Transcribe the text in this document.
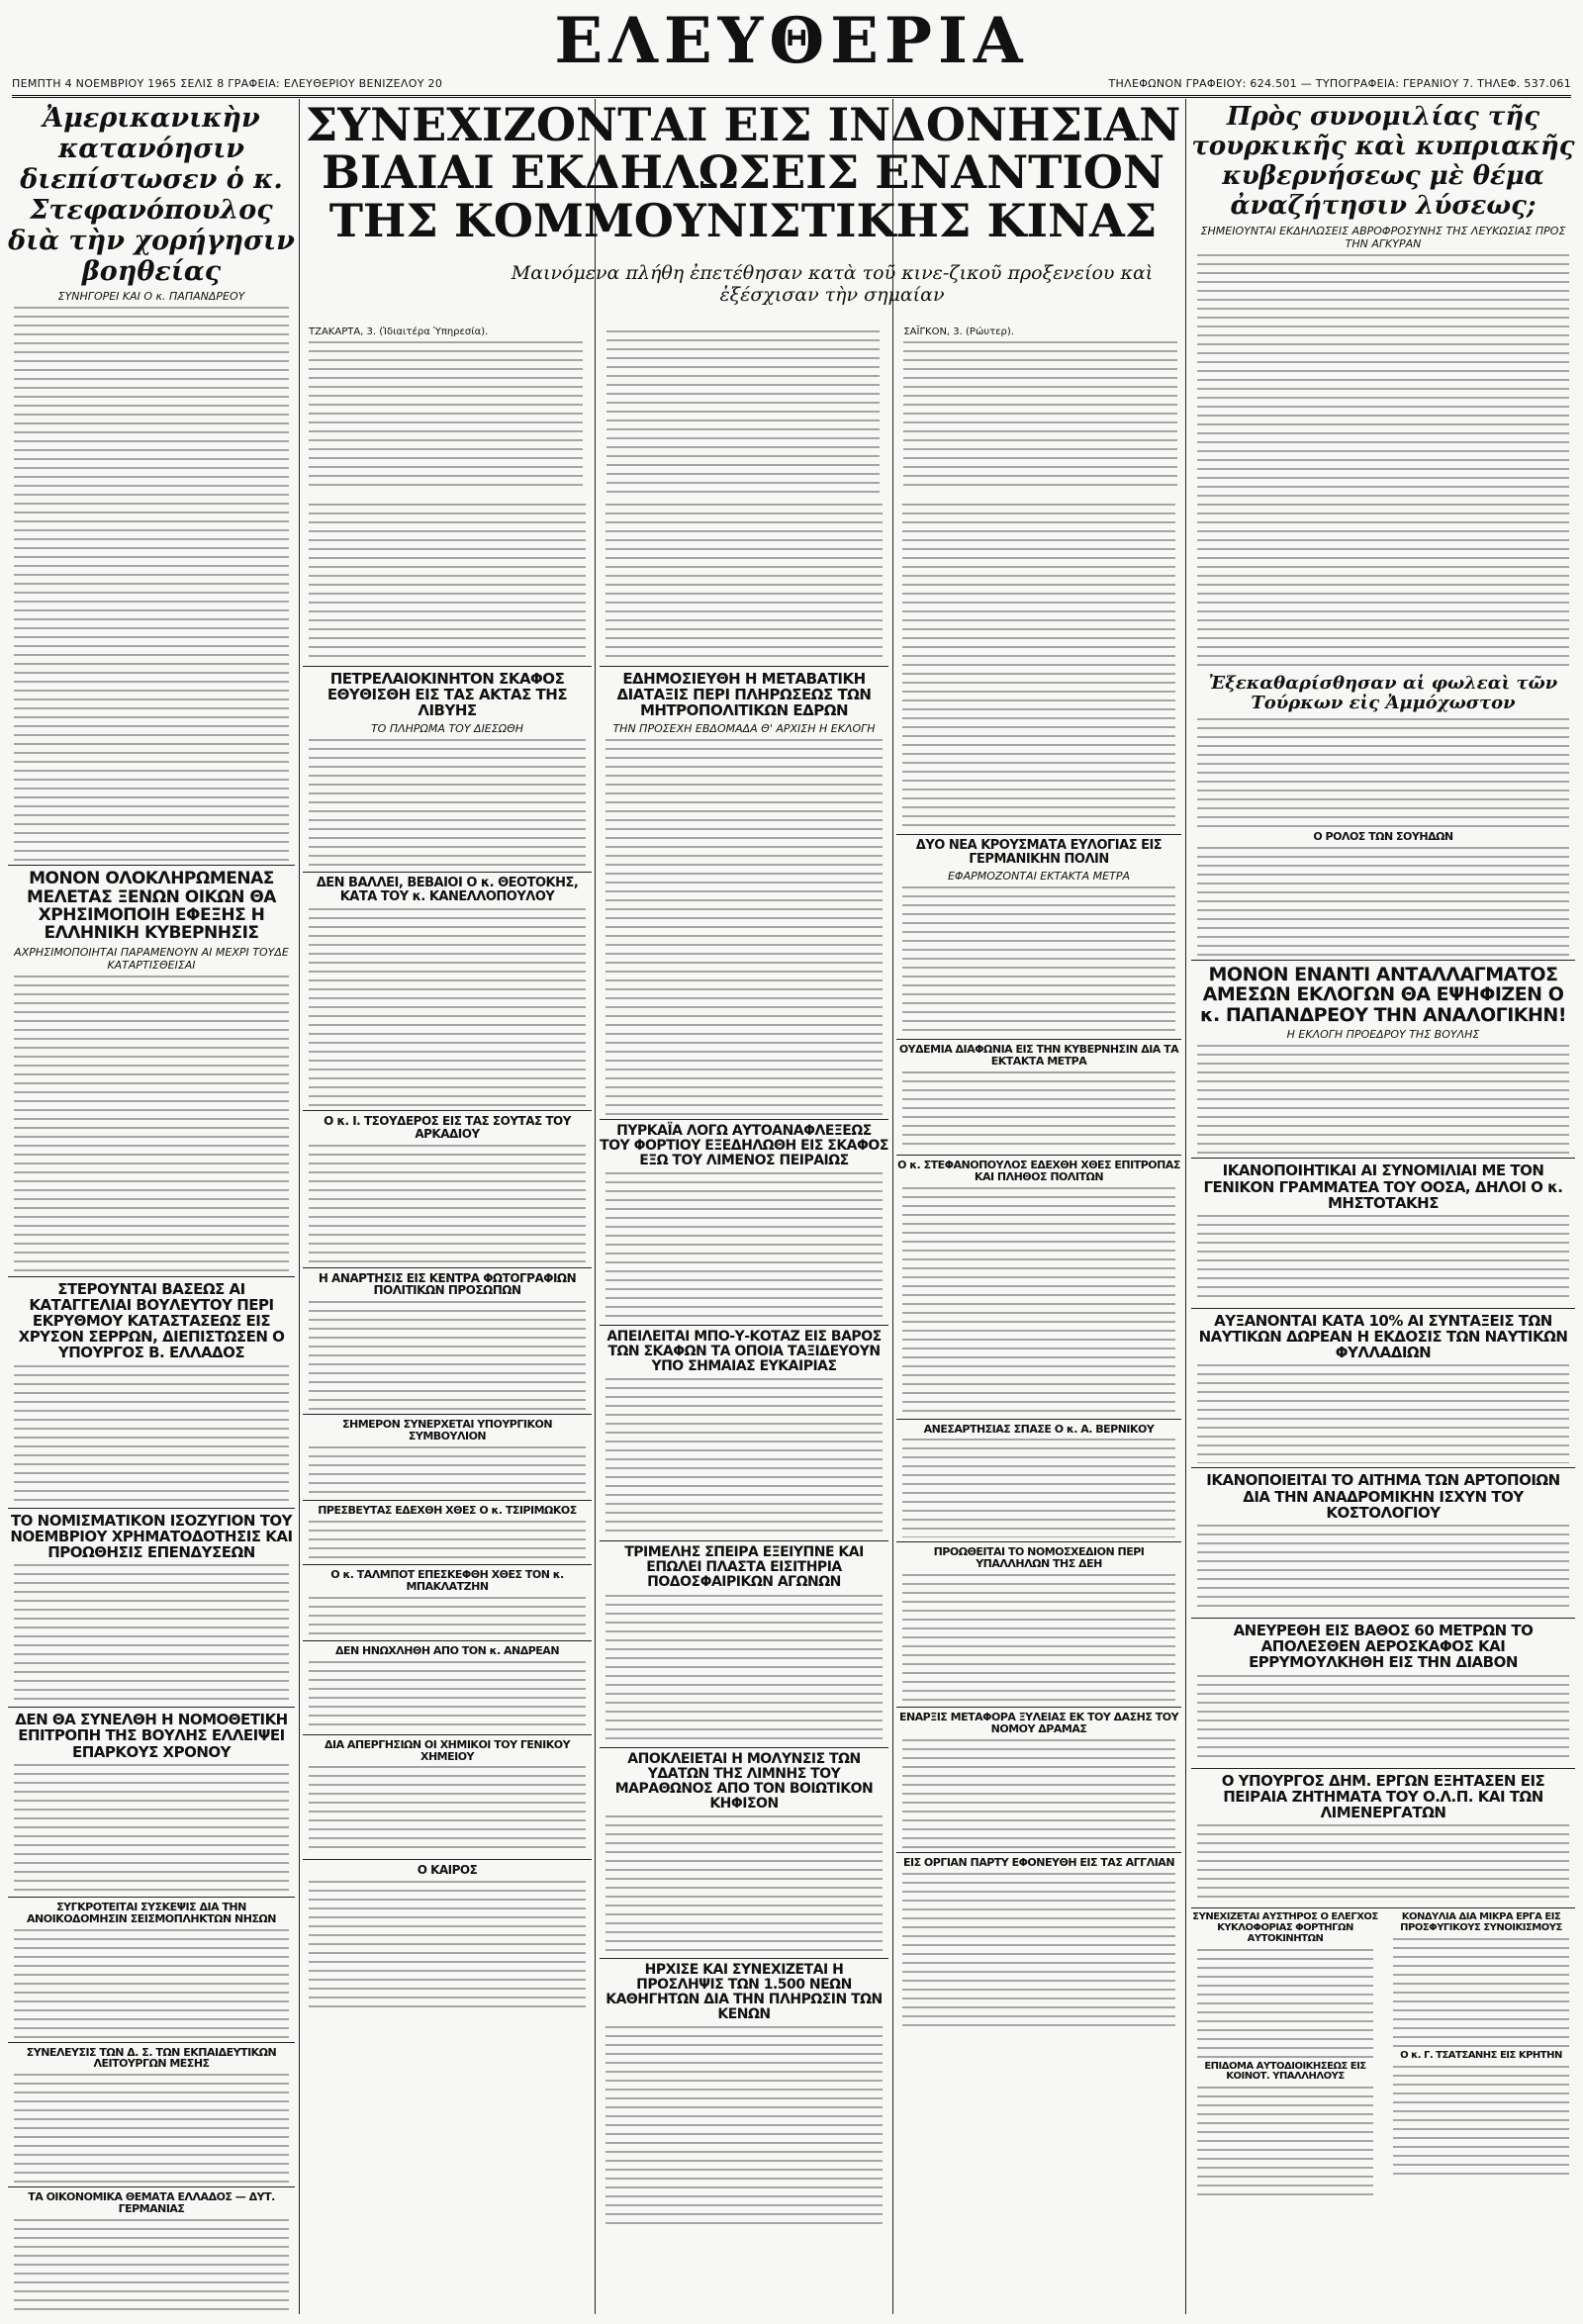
ΕΛΕΥΘΕΡΙΑ
ΠΕΜΠΤΗ 4 ΝΟΕΜΒΡΙΟΥ 1965 ΣΕΛΙΣ 8 ΓΡΑΦΕΙΑ: ΕΛΕΥΘΕΡΙΟΥ ΒΕΝΙΖΕΛΟΥ 20	ΤΗΛΕΦΩΝΟΝ ΓΡΑΦΕΙΟΥ: 624.501 — ΤΥΠΟΓΡΑΦΕΙΑ: ΓΕΡΑΝΙΟΥ 7. ΤΗΛΕΦ. 537.061
Ἀμερικανικὴν κατανόησιν διεπίστωσεν ὁ κ. Στεφανόπουλος διὰ τὴν χορήγησιν βοηθείας
ΣΥΝΗΓΟΡΕΙ ΚΑΙ Ο κ. ΠΑΠΑΝΔΡΕΟΥ
ΜΟΝΟΝ ΟΛΟΚΛΗΡΩΜΕΝΑΣ ΜΕΛΕΤΑΣ ΞΕΝΩΝ ΟΙΚΩΝ ΘΑ ΧΡΗΣΙΜΟΠΟΙΗ ΕΦΕΞΗΣ Η ΕΛΛΗΝΙΚΗ ΚΥΒΕΡΝΗΣΙΣ
ΑΧΡΗΣΙΜΟΠΟΙΗΤΑΙ ΠΑΡΑΜΕΝΟΥΝ ΑΙ ΜΕΧΡΙ ΤΟΥΔΕ ΚΑΤΑΡΤΙΣΘΕΙΣΑΙ
ΣΤΕΡΟΥΝΤΑΙ ΒΑΣΕΩΣ ΑΙ ΚΑΤΑΓΓΕΛΙΑΙ ΒΟΥΛΕΥΤΟΥ ΠΕΡΙ ΕΚΡΥΘΜΟΥ ΚΑΤΑΣΤΑΣΕΩΣ ΕΙΣ ΧΡΥΣΟΝ ΣΕΡΡΩΝ, ΔΙΕΠΙΣΤΩΣΕΝ Ο ΥΠΟΥΡΓΟΣ Β. ΕΛΛΑΔΟΣ
ΤΟ ΝΟΜΙΣΜΑΤΙΚΟΝ ΙΣΟΖΥΓΙΟΝ ΤΟΥ ΝΟΕΜΒΡΙΟΥ ΧΡΗΜΑΤΟΔΟΤΗΣΙΣ ΚΑΙ ΠΡΟΩΘΗΣΙΣ ΕΠΕΝΔΥΣΕΩΝ
ΔΕΝ ΘΑ ΣΥΝΕΛΘΗ Η ΝΟΜΟΘΕΤΙΚΗ ΕΠΙΤΡΟΠΗ ΤΗΣ ΒΟΥΛΗΣ ΕΛΛΕΙΨΕΙ ΕΠΑΡΚΟΥΣ ΧΡΟΝΟΥ
ΣΥΓΚΡΟΤΕΙΤΑΙ ΣΥΣΚΕΨΙΣ ΔΙΑ ΤΗΝ ΑΝΟΙΚΟΔΟΜΗΣΙΝ ΣΕΙΣΜΟΠΛΗΚΤΩΝ ΝΗΣΩΝ
ΣΥΝΕΛΕΥΣΙΣ ΤΩΝ Δ. Σ. ΤΩΝ ΕΚΠΑΙΔΕΥΤΙΚΩΝ ΛΕΙΤΟΥΡΓΩΝ ΜΕΣΗΣ
ΤΑ ΟΙΚΟΝΟΜΙΚΑ ΘΕΜΑΤΑ ΕΛΛΑΔΟΣ — ΔΥΤ. ΓΕΡΜΑΝΙΑΣ
ΣΥΝΕΧΙΖΟΝΤΑΙ ΕΙΣ ΙΝΔΟΝΗΣΙΑΝ
ΒΙΑΙΑΙ ΕΚΔΗΛΩΣΕΙΣ ΕΝΑΝΤΙΟΝ
ΤΗΣ ΚΟΜΜΟΥΝΙΣΤΙΚΗΣ ΚΙΝΑΣ

Μαινόμενα πλήθη ἐπετέθησαν κατὰ τοῦ κινε-ζικοῦ προξενείου καὶ ἐξέσχισαν τὴν σημαίαν

ΤΖΑΚΑΡΤΑ, 3. (Ἰδιαιτέρα Ὑπηρεσία).	ΣΑΪΓΚΟΝ, 3. (Ρώυτερ).
ΠΕΤΡΕΛΑΙΟΚΙΝΗΤΟΝ ΣΚΑΦΟΣ ΕΘΥΘΙΣΘΗ ΕΙΣ ΤΑΣ ΑΚΤΑΣ ΤΗΣ ΛΙΒΥΗΣ
ΤΟ ΠΛΗΡΩΜΑ ΤΟΥ ΔΙΕΣΩΘΗ
ΔΕΝ ΒΑΛΛΕΙ, ΒΕΒΑΙΟΙ Ο κ. ΘΕΟΤΟΚΗΣ, ΚΑΤΑ ΤΟΥ κ. ΚΑΝΕΛΛΟΠΟΥΛΟΥ
Ο κ. Ι. ΤΣΟΥΔΕΡΟΣ ΕΙΣ ΤΑΣ ΣΟΥΤΑΣ ΤΟΥ ΑΡΚΑΔΙΟΥ
Η ΑΝΑΡΤΗΣΙΣ ΕΙΣ ΚΕΝΤΡΑ ΦΩΤΟΓΡΑΦΙΩΝ ΠΟΛΙΤΙΚΩΝ ΠΡΟΣΩΠΩΝ
ΣΗΜΕΡΟΝ ΣΥΝΕΡΧΕΤΑΙ ΥΠΟΥΡΓΙΚΟΝ ΣΥΜΒΟΥΛΙΟΝ
ΠΡΕΣΒΕΥΤΑΣ ΕΔΕΧΘΗ ΧΘΕΣ Ο κ. ΤΣΙΡΙΜΩΚΟΣ
Ο κ. ΤΑΛΜΠΟΤ ΕΠΕΣΚΕΦΘΗ ΧΘΕΣ ΤΟΝ κ. ΜΠΑΚΛΑΤΖΗΝ
ΔΕΝ ΗΝΩΧΛΗΘΗ ΑΠΟ ΤΟΝ κ. ΑΝΔΡΕΑΝ
ΔΙΑ ΑΠΕΡΓΗΣΙΩΝ ΟΙ ΧΗΜΙΚΟΙ ΤΟΥ ΓΕΝΙΚΟΥ ΧΗΜΕΙΟΥ
Ο ΚΑΙΡΟΣ
ΕΔΗΜΟΣΙΕΥΘΗ Η ΜΕΤΑΒΑΤΙΚΗ ΔΙΑΤΑΞΙΣ ΠΕΡΙ ΠΛΗΡΩΣΕΩΣ ΤΩΝ ΜΗΤΡΟΠΟΛΙΤΙΚΩΝ ΕΔΡΩΝ
ΤΗΝ ΠΡΟΣΕΧΗ ΕΒΔΟΜΑΔΑ Θ' ΑΡΧΙΣΗ Η ΕΚΛΟΓΗ
ΠΥΡΚΑΪΑ ΛΟΓΩ ΑΥΤΟΑΝΑΦΛΕΞΕΩΣ ΤΟΥ ΦΟΡΤΙΟΥ ΕΞΕΔΗΛΩΘΗ ΕΙΣ ΣΚΑΦΟΣ ΕΞΩ ΤΟΥ ΛΙΜΕΝΟΣ ΠΕΙΡΑΙΩΣ
ΑΠΕΙΛΕΙΤΑΙ ΜΠΟ-Υ-ΚΟΤΑΖ ΕΙΣ ΒΑΡΟΣ ΤΩΝ ΣΚΑΦΩΝ ΤΑ ΟΠΟΙΑ ΤΑΞΙΔΕΥΟΥΝ ΥΠΟ ΣΗΜΑΙΑΣ ΕΥΚΑΙΡΙΑΣ
ΤΡΙΜΕΛΗΣ ΣΠΕΙΡΑ ΕΞΕΙΥΠΝΕ ΚΑΙ ΕΠΩΛΕΙ ΠΛΑΣΤΑ ΕΙΣΙΤΗΡΙΑ ΠΟΔΟΣΦΑΙΡΙΚΩΝ ΑΓΩΝΩΝ
ΑΠΟΚΛΕΙΕΤΑΙ Η ΜΟΛΥΝΣΙΣ ΤΩΝ ΥΔΑΤΩΝ ΤΗΣ ΛΙΜΝΗΣ ΤΟΥ ΜΑΡΑΘΩΝΟΣ ΑΠΟ ΤΟΝ ΒΟΙΩΤΙΚΟΝ ΚΗΦΙΣΟΝ
ΗΡΧΙΣΕ ΚΑΙ ΣΥΝΕΧΙΖΕΤΑΙ Η ΠΡΟΣΛΗΨΙΣ ΤΩΝ 1.500 ΝΕΩΝ ΚΑΘΗΓΗΤΩΝ ΔΙΑ ΤΗΝ ΠΛΗΡΩΣΙΝ ΤΩΝ ΚΕΝΩΝ
ΔΥΟ ΝΕΑ ΚΡΟΥΣΜΑΤΑ ΕΥΛΟΓΙΑΣ ΕΙΣ ΓΕΡΜΑΝΙΚΗΝ ΠΟΛΙΝ
ΕΦΑΡΜΟΖΟΝΤΑΙ ΕΚΤΑΚΤΑ ΜΕΤΡΑ
ΟΥΔΕΜΙΑ ΔΙΑΦΩΝΙΑ ΕΙΣ ΤΗΝ ΚΥΒΕΡΝΗΣΙΝ ΔΙΑ ΤΑ ΕΚΤΑΚΤΑ ΜΕΤΡΑ
Ο κ. ΣΤΕΦΑΝΟΠΟΥΛΟΣ ΕΔΕΧΘΗ ΧΘΕΣ ΕΠΙΤΡΟΠΑΣ ΚΑΙ ΠΛΗΘΟΣ ΠΟΛΙΤΩΝ
ΑΝΕΣΑΡΤΗΣΙΑΣ ΣΠΑΣΕ Ο κ. Α. ΒΕΡΝΙΚΟΥ
ΠΡΟΩΘΕΙΤΑΙ ΤΟ ΝΟΜΟΣΧΕΔΙΟΝ ΠΕΡΙ ΥΠΑΛΛΗΛΩΝ ΤΗΣ ΔΕΗ
ΕΝΑΡΞΙΣ ΜΕΤΑΦΟΡΑ ΞΥΛΕΙΑΣ ΕΚ ΤΟΥ ΔΑΣΗΣ ΤΟΥ ΝΟΜΟΥ ΔΡΑΜΑΣ
ΕΙΣ ΟΡΓΙΑΝ ΠΑΡΤΥ ΕΦΟΝΕΥΘΗ ΕΙΣ ΤΑΣ ΑΓΓΛΙΑΝ
Πρὸς συνομιλίας τῆς τουρκικῆς καὶ κυπριακῆς κυβερνήσεως μὲ θέμα ἀναζήτησιν λύσεως;
ΣΗΜΕΙΟΥΝΤΑΙ ΕΚΔΗΛΩΣΕΙΣ ΑΒΡΟΦΡΟΣΥΝΗΣ ΤΗΣ ΛΕΥΚΩΣΙΑΣ ΠΡΟΣ ΤΗΝ ΑΓΚΥΡΑΝ
Ἐξεκαθαρίσθησαν αἱ φωλεαὶ τῶν Τούρκων εἰς Ἀμμόχωστον
Ο ΡΟΛΟΣ ΤΩΝ ΣΟΥΗΔΩΝ
ΜΟΝΟΝ ΕΝΑΝΤΙ ΑΝΤΑΛΛΑΓΜΑΤΟΣ ΑΜΕΣΩΝ ΕΚΛΟΓΩΝ ΘΑ ΕΨΗΦΙΖΕΝ Ο κ. ΠΑΠΑΝΔΡΕΟΥ ΤΗΝ ΑΝΑΛΟΓΙΚΗΝ!
Η ΕΚΛΟΓΗ ΠΡΟΕΔΡΟΥ ΤΗΣ ΒΟΥΛΗΣ
ΙΚΑΝΟΠΟΙΗΤΙΚΑΙ ΑΙ ΣΥΝΟΜΙΛΙΑΙ ΜΕ ΤΟΝ ΓΕΝΙΚΟΝ ΓΡΑΜΜΑΤΕΑ ΤΟΥ ΟΟΣΑ, ΔΗΛΟΙ Ο κ. ΜΗΣΤΟΤΑΚΗΣ
ΑΥΞΑΝΟΝΤΑΙ ΚΑΤΑ 10% ΑΙ ΣΥΝΤΑΞΕΙΣ ΤΩΝ ΝΑΥΤΙΚΩΝ ΔΩΡΕΑΝ Η ΕΚΔΟΣΙΣ ΤΩΝ ΝΑΥΤΙΚΩΝ ΦΥΛΛΑΔΙΩΝ
ΙΚΑΝΟΠΟΙΕΙΤΑΙ ΤΟ ΑΙΤΗΜΑ ΤΩΝ ΑΡΤΟΠΟΙΩΝ ΔΙΑ ΤΗΝ ΑΝΑΔΡΟΜΙΚΗΝ ΙΣΧΥΝ ΤΟΥ ΚΟΣΤΟΛΟΓΙΟΥ
ΑΝΕΥΡΕΘΗ ΕΙΣ ΒΑΘΟΣ 60 ΜΕΤΡΩΝ ΤΟ ΑΠΟΛΕΣΘΕΝ ΑΕΡΟΣΚΑΦΟΣ ΚΑΙ ΕΡΡΥΜΟΥΛΚΗΘΗ ΕΙΣ ΤΗΝ ΔΙΑΒΟΝ
Ο ΥΠΟΥΡΓΟΣ ΔΗΜ. ΕΡΓΩΝ ΕΞΗΤΑΣΕΝ ΕΙΣ ΠΕΙΡΑΙΑ ΖΗΤΗΜΑΤΑ ΤΟΥ Ο.Λ.Π. ΚΑΙ ΤΩΝ ΛΙΜΕΝΕΡΓΑΤΩΝ
ΣΥΝΕΧΙΖΕΤΑΙ ΑΥΣΤΗΡΟΣ Ο ΕΛΕΓΧΟΣ ΚΥΚΛΟΦΟΡΙΑΣ ΦΟΡΤΗΓΩΝ ΑΥΤΟΚΙΝΗΤΩΝ
ΕΠΙΔΟΜΑ ΑΥΤΟΔΙΟΙΚΗΣΕΩΣ ΕΙΣ ΚΟΙΝΟΤ. ΥΠΑΛΛΗΛΟΥΣ
ΚΟΝΔΥΛΙΑ ΔΙΑ ΜΙΚΡΑ ΕΡΓΑ ΕΙΣ ΠΡΟΣΦΥΓΙΚΟΥΣ ΣΥΝΟΙΚΙΣΜΟΥΣ
Ο κ. Γ. ΤΣΑΤΣΑΝΗΣ ΕΙΣ ΚΡΗΤΗΝ
